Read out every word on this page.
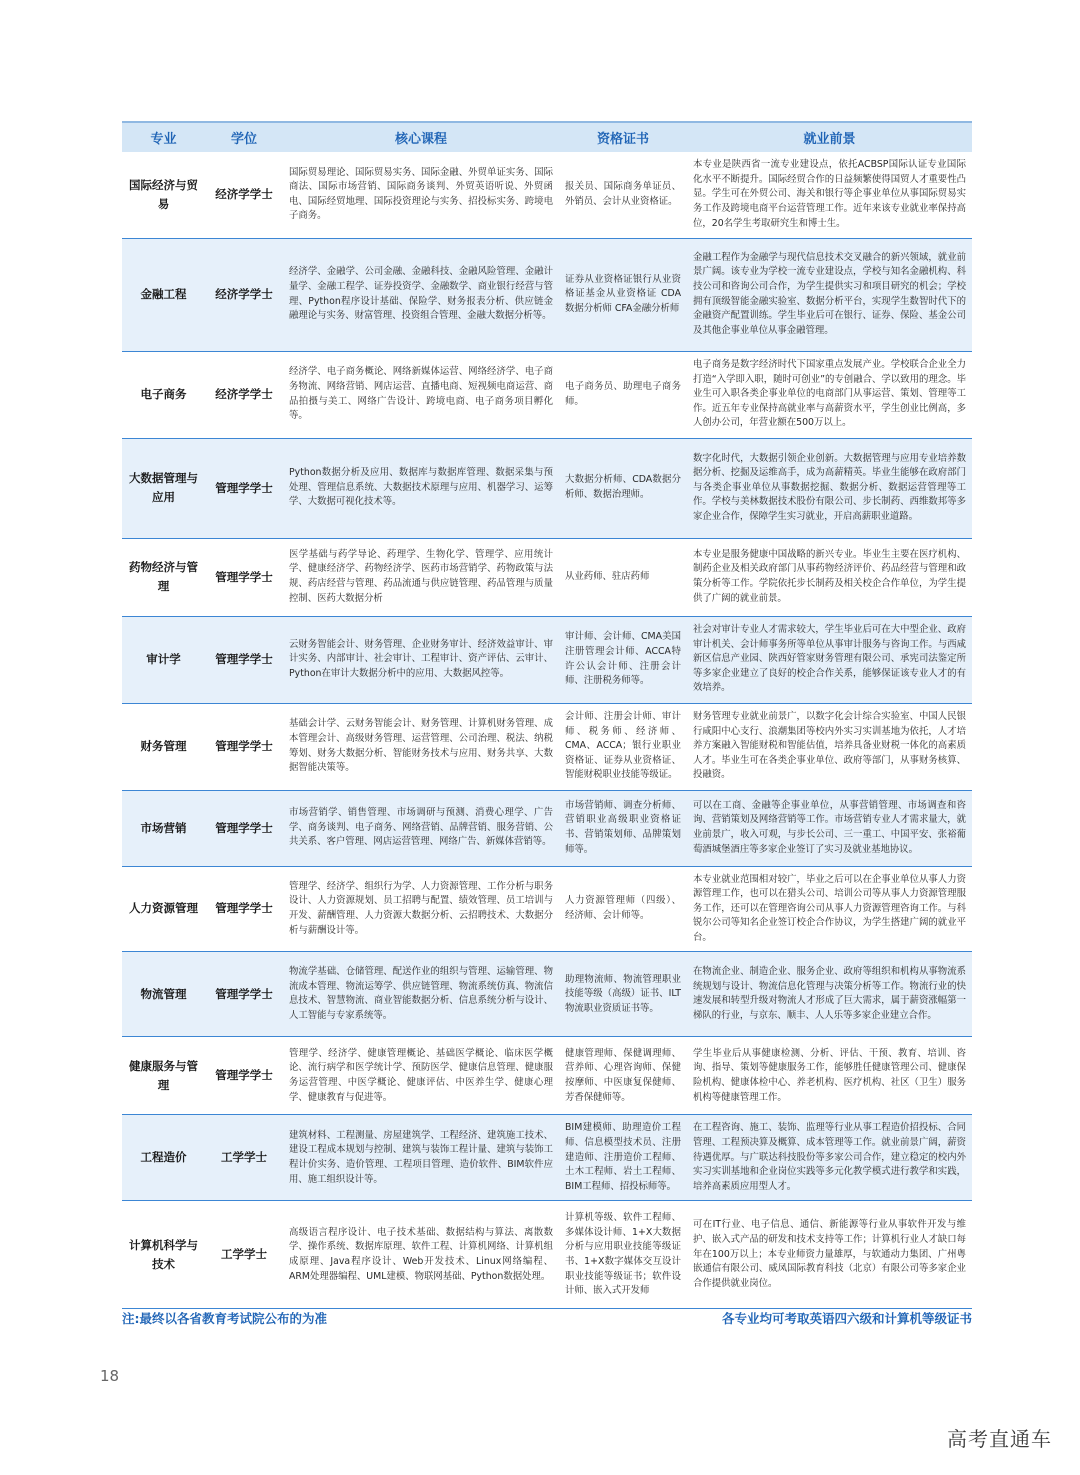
专业	学位	核心课程	资格证书	就业前景
国际经济与贸易	经济学学士	国际贸易理论、国际贸易实务、国际金融、外贸单证实务、国际商法、国际市场营销、国际商务谈判、外贸英语听说、外贸函电、国际经贸地理、国际投资理论与实务、招投标实务、跨境电子商务。	报关员、国际商务单证员、外销员、会计从业资格证。	本专业是陕西省一流专业建设点，依托ACBSP国际认证专业国际化水平不断提升。国际经贸合作的日益频繁使得国贸人才重要性凸显。学生可在外贸公司、海关和银行等企事业单位从事国际贸易实务工作及跨境电商平台运营管理工作。近年来该专业就业率保持高位，20名学生考取研究生和博士生。
金融工程	经济学学士	经济学、金融学、公司金融、金融科技、金融风险管理、金融计量学、金融工程学、证券投资学、金融数学、商业银行经营与管理、Python程序设计基础、保险学、财务报表分析、供应链金融理论与实务、财富管理、投资组合管理、金融大数据分析等。	证券从业资格证银行从业资格证基金从业资格证 CDA数据分析师 CFA金融分析师	金融工程作为金融学与现代信息技术交叉融合的新兴领域，就业前景广阔。该专业为学校一流专业建设点，学校与知名金融机构、科技公司和咨询公司合作，为学生提供实习和项目研究的机会；学校拥有顶级智能金融实验室、数据分析平台，实现学生数智时代下的金融资产配置训练。学生毕业后可在银行、证券、保险、基金公司及其他企事业单位从事金融管理。
电子商务	经济学学士	经济学、电子商务概论、网络新媒体运营、网络经济学、电子商务物流、网络营销、网店运营、直播电商、短视频电商运营、商品拍摄与美工、网络广告设计、跨境电商、电子商务项目孵化等。	电子商务员、助理电子商务师。	电子商务是数字经济时代下国家重点发展产业。学校联合企业全力打造“入学即入职，随时可创业”的专创融合、学以致用的理念。毕业生可入职各类企事业单位的电商部门从事运营、策划、管理等工作。近五年专业保持高就业率与高薪资水平，学生创业比例高，多人创办公司，年营业额在500万以上。
大数据管理与应用	管理学学士	Python数据分析及应用、数据库与数据库管理、数据采集与预处理、管理信息系统、大数据技术原理与应用、机器学习、运筹学、大数据可视化技术等。	大数据分析师、CDA数据分析师、数据治理师。	数字化时代，大数据引领企业创新。大数据管理与应用专业培养数据分析、挖掘及运维高手，成为高薪精英。毕业生能够在政府部门与各类企事业单位从事数据挖掘、数据分析、数据运营管理等工作。学校与美林数据技术股份有限公司、步长制药、西维数邦等多家企业合作，保障学生实习就业，开启高薪职业道路。
药物经济与管理	管理学学士	医学基础与药学导论、药理学、生物化学、管理学、应用统计学、健康经济学、药物经济学、医药市场营销学、药物政策与法规、药店经营与管理、药品流通与供应链管理、药品管理与质量控制、医药大数据分析	从业药师、驻店药师	本专业是服务健康中国战略的新兴专业。毕业生主要在医疗机构、制药企业及相关政府部门从事药物经济评价、药品经营与管理和政策分析等工作。学院依托步长制药及相关校企合作单位，为学生提供了广阔的就业前景。
审计学	管理学学士	云财务智能会计、财务管理、企业财务审计、经济效益审计、审计实务、内部审计、社会审计、工程审计、资产评估、云审计、Python在审计大数据分析中的应用、大数据风控等。	审计师、会计师、CMA美国注册管理会计师、ACCA特许公认会计师、注册会计师、注册税务师等。	社会对审计专业人才需求较大，学生毕业后可在大中型企业、政府审计机关、会计师事务所等单位从事审计服务与咨询工作。与西咸新区信息产业园、陕西好管家财务管理有限公司、承宪司法鉴定所等多家企业建立了良好的校企合作关系，能够保证该专业人才的有效培养。
财务管理	管理学学士	基础会计学、云财务智能会计、财务管理、计算机财务管理、成本管理会计、高级财务管理、运营管理、公司治理、税法、纳税筹划、财务大数据分析、智能财务技术与应用、财务共享、大数据智能决策等。	会计师、注册会计师、审计师、税务师、经济师、CMA、ACCA；银行业职业资格证、证券从业资格证、智能财税职业技能等级证。	财务管理专业就业前景广，以数字化会计综合实验室、中国人民银行咸阳中心支行、浪潮集团等校内外实习实训基地为依托，人才培养方案融入智能财税和智能估值，培养具备业财税一体化的高素质人才。毕业生可在各类企事业单位、政府等部门，从事财务核算、投融资。
市场营销	管理学学士	市场营销学、销售管理、市场调研与预测、消费心理学、广告学、商务谈判、电子商务、网络营销、品牌营销、服务营销、公共关系、客户管理、网店运营管理、网络广告、新媒体营销等。	市场营销师、调查分析师、营销职业高级职业资格证书、营销策划师、品牌策划师等。	可以在工商、金融等企事业单位，从事营销管理、市场调查和咨询、营销策划及网络营销等工作。市场营销专业人才需求量大，就业前景广，收入可观，与步长公司、三一重工、中国平安、张裕葡萄酒城堡酒庄等多家企业签订了实习及就业基地协议。
人力资源管理	管理学学士	管理学、经济学、组织行为学、人力资源管理、工作分析与职务设计、人力资源规划、员工招聘与配置、绩效管理、员工培训与开发、薪酬管理、人力资源大数据分析、云招聘技术、大数据分析与薪酬设计等。	人力资源管理师（四级）、经济师、会计师等。	本专业就业范围相对较广，毕业之后可以在企事业单位从事人力资源管理工作，也可以在猎头公司、培训公司等从事人力资源管理服务工作，还可以在管理咨询公司从事人力资源管理咨询工作。与科锐尔公司等知名企业签订校企合作协议，为学生搭建广阔的就业平台。
物流管理	管理学学士	物流学基础、仓储管理、配送作业的组织与管理、运输管理、物流成本管理、物流运筹学、供应链管理、物流系统仿真、物流信息技术、智慧物流、商业智能数据分析、信息系统分析与设计、人工智能与专家系统等。	助理物流师、物流管理职业技能等级（高级）证书、ILT物流职业资质证书等。	在物流企业、制造企业、服务企业、政府等组织和机构从事物流系统规划与设计、物流信息化管理与决策分析等工作。物流行业的快速发展和转型升级对物流人才形成了巨大需求，属于薪资涨幅第一梯队的行业，与京东、顺丰、人人乐等多家企业建立合作。
健康服务与管理	管理学学士	管理学、经济学、健康管理概论、基础医学概论、临床医学概论、流行病学和医学统计学、预防医学、健康信息管理、健康服务运营管理、中医学概论、健康评估、中医养生学、健康心理学、健康教育与促进等。	健康管理师、保健调理师、营养师、心理咨询师、保健按摩师、中医康复保健师、芳香保健师等。	学生毕业后从事健康检测、分析、评估、干预、教育、培训、咨询、指导、策划等健康服务工作，能够胜任健康管理公司、健康保险机构、健康体检中心、养老机构、医疗机构、社区（卫生）服务机构等健康管理工作。
工程造价	工学学士	建筑材料、工程测量、房屋建筑学、工程经济、建筑施工技术、建设工程成本规划与控制、建筑与装饰工程计量、建筑与装饰工程计价实务、造价管理、工程项目管理、造价软件、BIM软件应用、施工组织设计等。	BIM建模师、助理造价工程师、信息模型技术员、注册建造师、注册造价工程师、土木工程师、岩土工程师、BIM工程师、招投标师等。	在工程咨询、施工、装饰、监理等行业从事工程造价招投标、合同管理、工程预决算及概算、成本管理等工作。就业前景广阔，薪资待遇优厚。与广联达科技股份等多家公司合作，建立稳定的校内外实习实训基地和企业岗位实践等多元化教学模式进行教学和实践，培养高素质应用型人才。
计算机科学与技术	工学学士	高级语言程序设计、电子技术基础、数据结构与算法、离散数学、操作系统、数据库原理、软件工程、计算机网络、计算机组成原理、Java程序设计、Web开发技术、Linux网络编程、ARM处理器编程、UML建模、物联网基础、Python数据处理。	计算机等级、软件工程师、多媒体设计师、1+X大数据分析与应用职业技能等级证书、1+X数字媒体交互设计职业技能等级证书；软件设计师、嵌入式开发师	可在IT行业、电子信息、通信、新能源等行业从事软件开发与维护、嵌入式产品的研发和技术支持等工作；计算机行业人才缺口每年在100万以上；本专业师资力量雄厚，与软通动力集团、广州粤嵌通信有限公司、威凤国际教育科技（北京）有限公司等多家企业合作提供就业岗位。
注:最终以各省教育考试院公布的为准	各专业均可考取英语四六级和计算机等级证书
18
高考直通车
